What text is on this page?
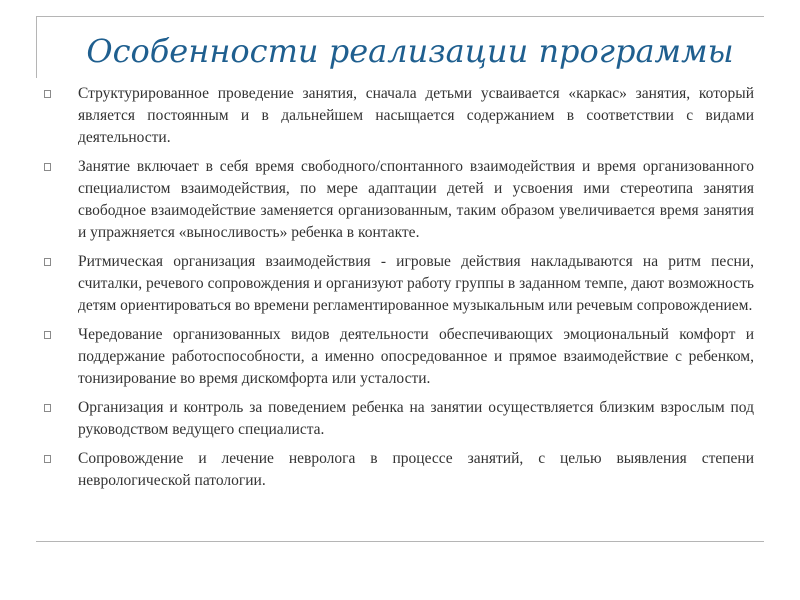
Особенности реализации программы
Структурированное проведение занятия, сначала детьми усваивается «каркас» занятия, который является постоянным и в дальнейшем насыщается содержанием в соответствии с видами деятельности.
Занятие включает в себя время свободного/спонтанного взаимодействия и время организованного специалистом взаимодействия, по мере адаптации детей и усвоения ими стереотипа занятия свободное взаимодействие заменяется организованным, таким образом увеличивается время занятия и упражняется «выносливость» ребенка в контакте.
Ритмическая организация взаимодействия - игровые действия накладываются на ритм песни, считалки, речевого сопровождения и организуют работу группы в заданном темпе, дают возможность детям ориентироваться во времени регламентированное музыкальным или речевым сопровождением.
Чередование организованных видов деятельности обеспечивающих эмоциональный комфорт и поддержание работоспособности, а именно опосредованное и прямое взаимодействие с ребенком, тонизирование во время дискомфорта или усталости.
Организация и контроль за поведением ребенка на занятии осуществляется близким взрослым под руководством ведущего специалиста.
Сопровождение и лечение невролога в процессе занятий, с целью выявления степени неврологической патологии.
